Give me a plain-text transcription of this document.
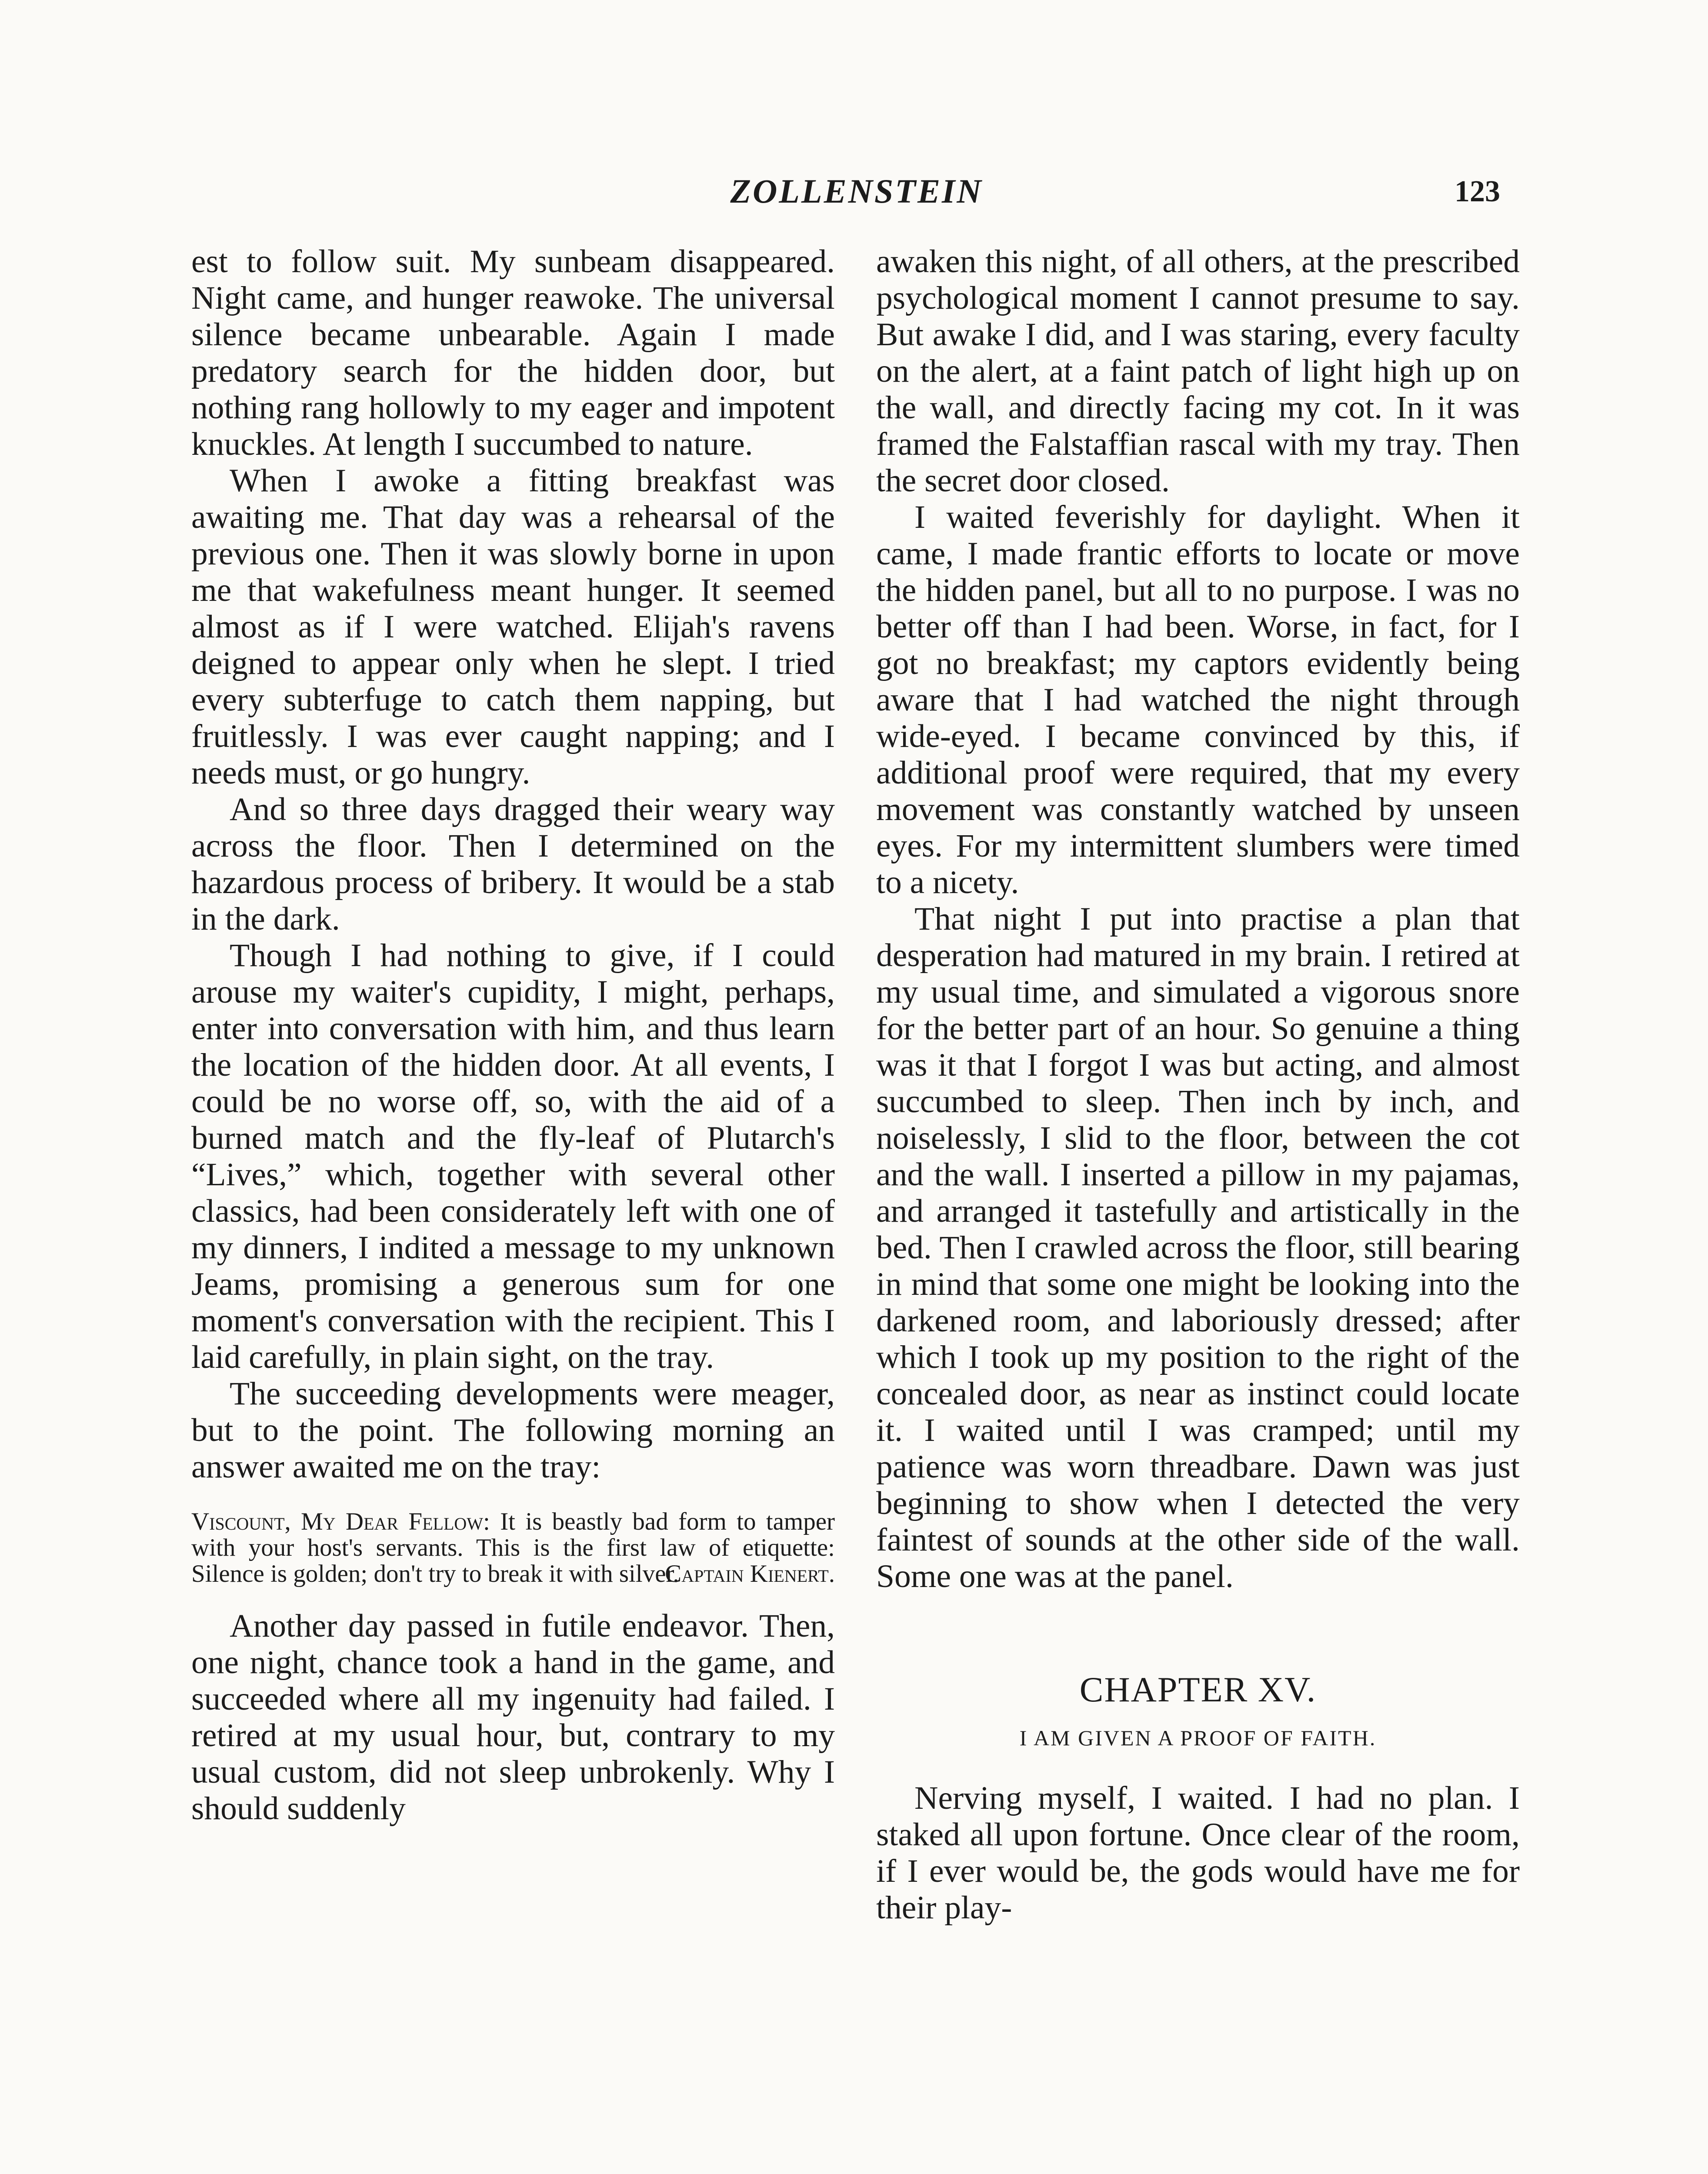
ZOLLENSTEIN	123

est to follow suit. My sunbeam disappeared. Night came, and hunger reawoke. The universal silence became unbearable. Again I made predatory search for the hidden door, but nothing rang hollowly to my eager and impotent knuckles. At length I succumbed to nature.

When I awoke a fitting breakfast was awaiting me. That day was a rehearsal of the previous one. Then it was slowly borne in upon me that wakefulness meant hunger. It seemed almost as if I were watched. Elijah's ravens deigned to appear only when he slept. I tried every subterfuge to catch them napping, but fruitlessly. I was ever caught napping; and I needs must, or go hungry.

And so three days dragged their weary way across the floor. Then I determined on the hazardous process of bribery. It would be a stab in the dark.

Though I had nothing to give, if I could arouse my waiter's cupidity, I might, perhaps, enter into conversation with him, and thus learn the location of the hidden door. At all events, I could be no worse off, so, with the aid of a burned match and the fly-leaf of Plutarch's “Lives,” which, together with several other classics, had been considerately left with one of my dinners, I indited a message to my unknown Jeams, promising a generous sum for one moment's conversation with the recipient. This I laid carefully, in plain sight, on the tray.

The succeeding developments were meager, but to the point. The following morning an answer awaited me on the tray:

Viscount, My Dear Fellow: It is beastly bad form to tamper with your host's servants. This is the first law of etiquette: Silence is golden; don't try to break it with silver.
Captain Kienert.

Another day passed in futile endeavor. Then, one night, chance took a hand in the game, and succeeded where all my ingenuity had failed. I retired at my usual hour, but, contrary to my usual custom, did not sleep unbrokenly. Why I should suddenly

awaken this night, of all others, at the prescribed psychological moment I cannot presume to say. But awake I did, and I was staring, every faculty on the alert, at a faint patch of light high up on the wall, and directly facing my cot. In it was framed the Falstaffian rascal with my tray. Then the secret door closed.

I waited feverishly for daylight. When it came, I made frantic efforts to locate or move the hidden panel, but all to no purpose. I was no better off than I had been. Worse, in fact, for I got no breakfast; my captors evidently being aware that I had watched the night through wide-eyed. I became convinced by this, if additional proof were required, that my every movement was constantly watched by unseen eyes. For my intermittent slumbers were timed to a nicety.

That night I put into practise a plan that desperation had matured in my brain. I retired at my usual time, and simulated a vigorous snore for the better part of an hour. So genuine a thing was it that I forgot I was but acting, and almost succumbed to sleep. Then inch by inch, and noiselessly, I slid to the floor, between the cot and the wall. I inserted a pillow in my pajamas, and arranged it tastefully and artistically in the bed. Then I crawled across the floor, still bearing in mind that some one might be looking into the darkened room, and laboriously dressed; after which I took up my position to the right of the concealed door, as near as instinct could locate it. I waited until I was cramped; until my patience was worn threadbare. Dawn was just beginning to show when I detected the very faintest of sounds at the other side of the wall. Some one was at the panel.

CHAPTER XV.
I AM GIVEN A PROOF OF FAITH.

Nerving myself, I waited. I had no plan. I staked all upon fortune. Once clear of the room, if I ever would be, the gods would have me for their play-
